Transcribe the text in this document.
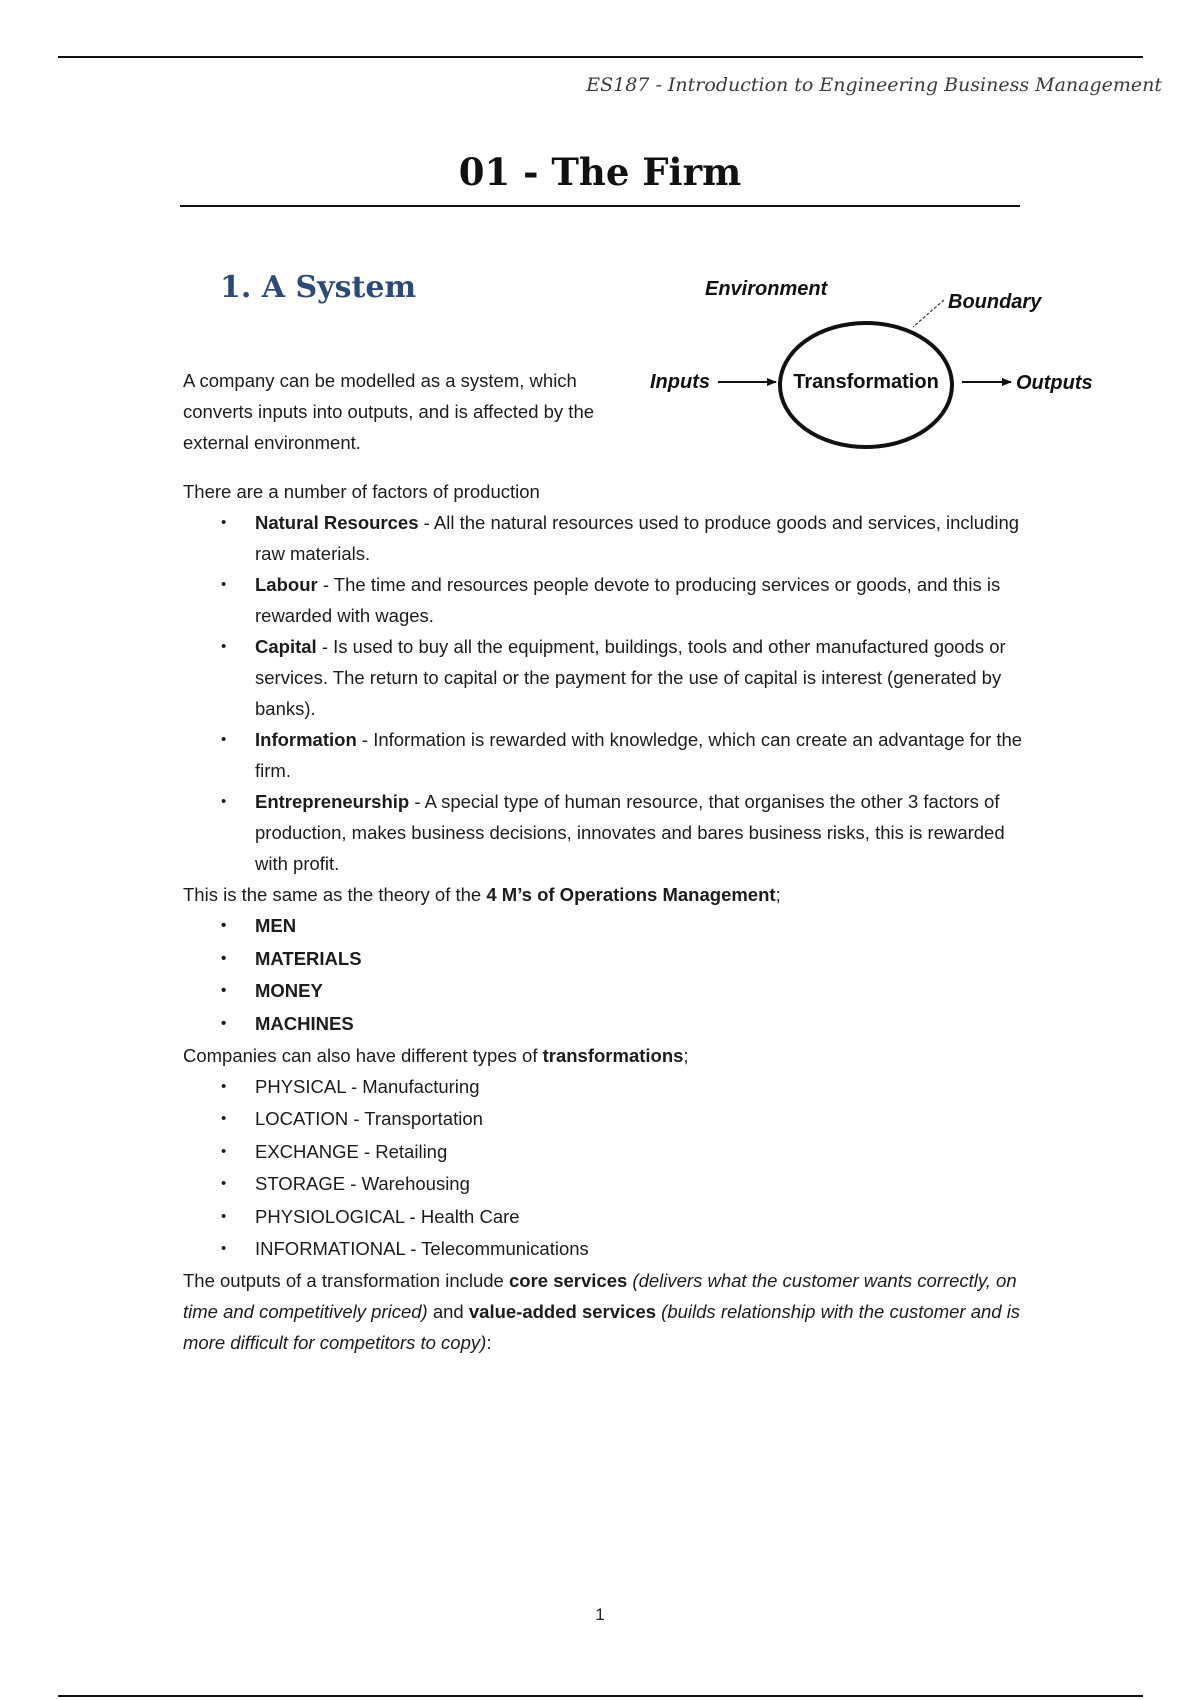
ES187 - Introduction to Engineering Business Management
01 - The Firm
1. A System	Environment
Boundary
Inputs	Transformation	Outputs

A company can be modelled as a system, which converts inputs into outputs, and is affected by the external environment.

There are a number of factors of production

• Natural Resources - All the natural resources used to produce goods and services, including raw materials.
• Labour - The time and resources people devote to producing services or goods, and this is rewarded with wages.
• Capital - Is used to buy all the equipment, buildings, tools and other manufactured goods or services. The return to capital or the payment for the use of capital is interest (generated by banks).
• Information - Information is rewarded with knowledge, which can create an advantage for the firm.
• Entrepreneurship - A special type of human resource, that organises the other 3 factors of production, makes business decisions, innovates and bares business risks, this is rewarded with profit.

This is the same as the theory of the 4 M’s of Operations Management;

• MEN
• MATERIALS
• MONEY
• MACHINES

Companies can also have different types of transformations;

• PHYSICAL - Manufacturing
• LOCATION - Transportation
• EXCHANGE - Retailing
• STORAGE - Warehousing
• PHYSIOLOGICAL - Health Care
• INFORMATIONAL - Telecommunications

The outputs of a transformation include core services (delivers what the customer wants correctly, on time and competitively priced) and value-added services (builds relationship with the customer and is more difficult for competitors to copy):

1
